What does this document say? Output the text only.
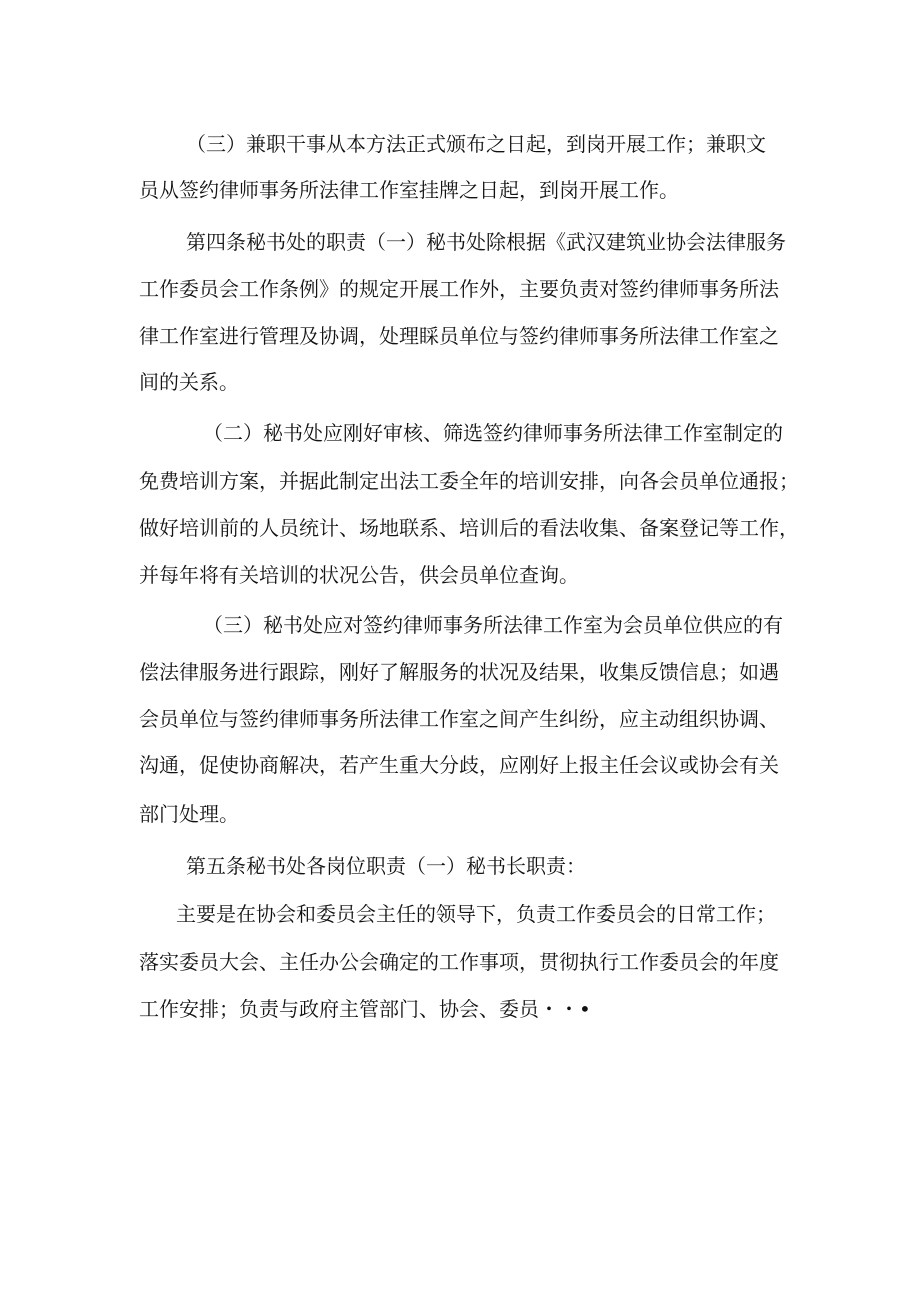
（三）兼职干事从本方法正式颁布之日起，到岗开展工作；兼职文
员从签约律师事务所法律工作室挂牌之日起，到岗开展工作。
第四条秘书处的职责（一）秘书处除根据《武汉建筑业协会法律服务
工作委员会工作条例》的规定开展工作外，主要负责对签约律师事务所法
律工作室进行管理及协调，处理睬员单位与签约律师事务所法律工作室之
间的关系。
（二）秘书处应刚好审核、筛选签约律师事务所法律工作室制定的
免费培训方案，并据此制定出法工委全年的培训安排，向各会员单位通报；
做好培训前的人员统计、场地联系、培训后的看法收集、备案登记等工作，
并每年将有关培训的状况公告，供会员单位查询。
（三）秘书处应对签约律师事务所法律工作室为会员单位供应的有
偿法律服务进行跟踪，刚好了解服务的状况及结果，收集反馈信息；如遇
会员单位与签约律师事务所法律工作室之间产生纠纷，应主动组织协调、
沟通，促使协商解决，若产生重大分歧，应刚好上报主任会议或协会有关
部门处理。
第五条秘书处各岗位职责（一）秘书长职责：
主要是在协会和委员会主任的领导下，负责工作委员会的日常工作；
落实委员大会、主任办公会确定的工作事项，贯彻执行工作委员会的年度
工作安排；负责与政府主管部门、协会、委员・・•
